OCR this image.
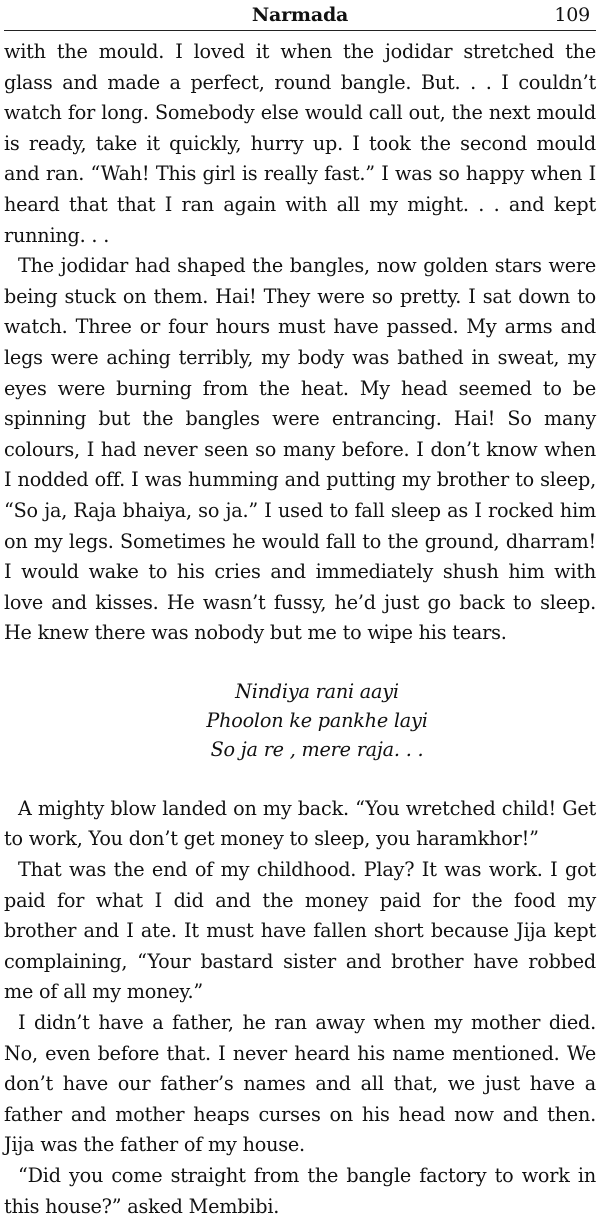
Narmada	109

with the mould. I loved it when the jodidar stretched the glass and made a perfect, round bangle. But. . . I couldn’t watch for long. Somebody else would call out, the next mould is ready, take it quickly, hurry up. I took the second mould and ran. “Wah! This girl is really fast.” I was so happy when I heard that that I ran again with all my might. . . and kept running. . .

The jodidar had shaped the bangles, now golden stars were being stuck on them. Hai! They were so pretty. I sat down to watch. Three or four hours must have passed. My arms and legs were aching terribly, my body was bathed in sweat, my eyes were burning from the heat. My head seemed to be spinning but the bangles were entrancing. Hai! So many colours, I had never seen so many before. I don’t know when I nodded off. I was humming and putting my brother to sleep, “So ja, Raja bhaiya, so ja.” I used to fall sleep as I rocked him on my legs. Sometimes he would fall to the ground, dharram! I would wake to his cries and immediately shush him with love and kisses. He wasn’t fussy, he’d just go back to sleep. He knew there was nobody but me to wipe his tears.

Nindiya rani aayi
Phoolon ke pankhe layi
So ja re , mere raja. . .

A mighty blow landed on my back. “You wretched child! Get to work, You don’t get money to sleep, you haramkhor!”

That was the end of my childhood. Play? It was work. I got paid for what I did and the money paid for the food my brother and I ate. It must have fallen short because Jija kept complaining, “Your bastard sister and brother have robbed me of all my money.”

I didn’t have a father, he ran away when my mother died. No, even before that. I never heard his name mentioned. We don’t have our father’s names and all that, we just have a father and mother heaps curses on his head now and then. Jija was the father of my house.

“Did you come straight from the bangle factory to work in this house?” asked Membibi.
